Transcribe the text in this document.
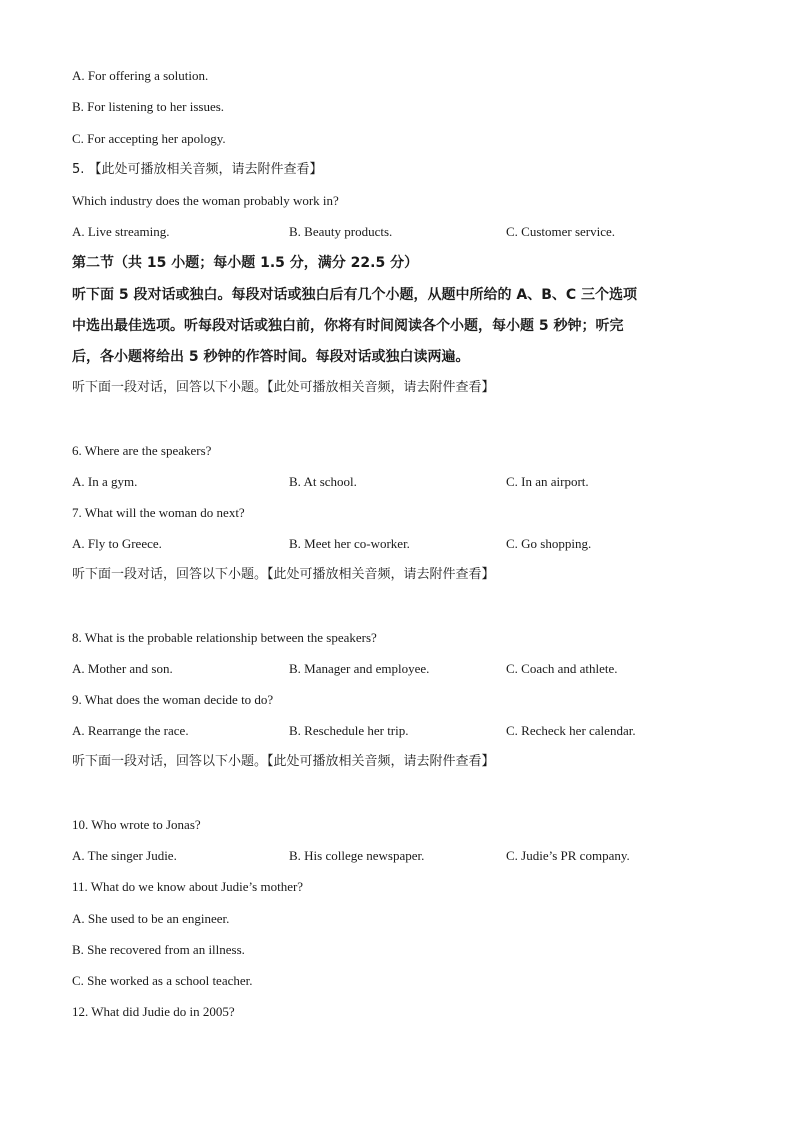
A. For offering a solution.
B. For listening to her issues.
C. For accepting her apology.
5. 【此处可播放相关音频，请去附件查看】
Which industry does the woman probably work in?
A. Live streaming.	B. Beauty products.	C. Customer service.
第二节（共 15 小题；每小题 1.5 分，满分 22.5 分）
听下面 5 段对话或独白。每段对话或独白后有几个小题，从题中所给的 A、B、C 三个选项
中选出最佳选项。听每段对话或独白前，你将有时间阅读各个小题，每小题 5 秒钟；听完
后，各小题将给出 5 秒钟的作答时间。每段对话或独白读两遍。
听下面一段对话，回答以下小题。【此处可播放相关音频，请去附件查看】
6. Where are the speakers?
A. In a gym.	B. At school.	C. In an airport.
7. What will the woman do next?
A. Fly to Greece.	B. Meet her co-worker.	C. Go shopping.
听下面一段对话，回答以下小题。【此处可播放相关音频，请去附件查看】
8. What is the probable relationship between the speakers?
A. Mother and son.	B. Manager and employee.	C. Coach and athlete.
9. What does the woman decide to do?
A. Rearrange the race.	B. Reschedule her trip.	C. Recheck her calendar.
听下面一段对话，回答以下小题。【此处可播放相关音频，请去附件查看】
10. Who wrote to Jonas?
A. The singer Judie.	B. His college newspaper.	C. Judie’s PR company.
11. What do we know about Judie’s mother?
A. She used to be an engineer.
B. She recovered from an illness.
C. She worked as a school teacher.
12. What did Judie do in 2005?
